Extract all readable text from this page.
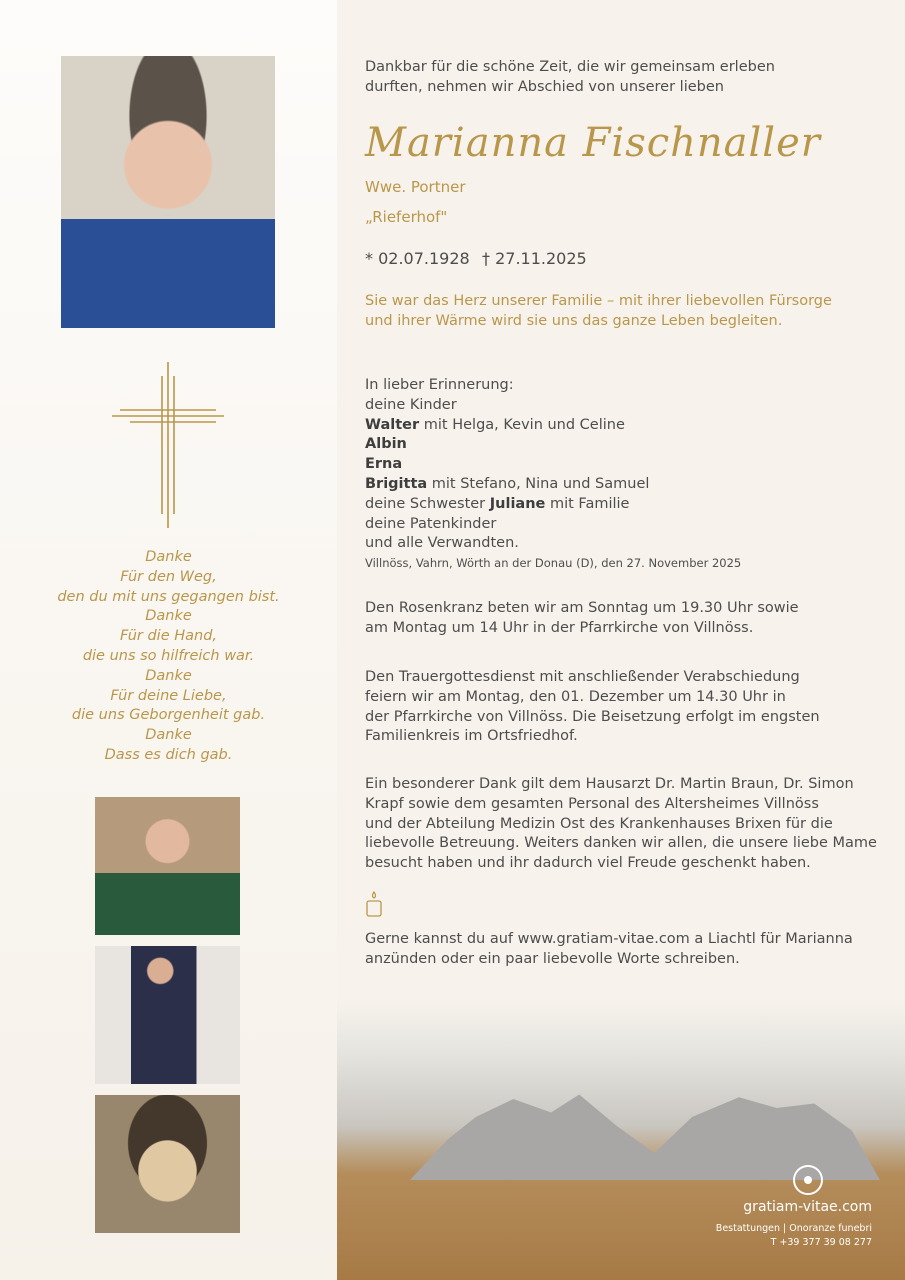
Danke
Für den Weg,
den du mit uns gegangen bist.
Danke
Für die Hand,
die uns so hilfreich war.
Danke
Für deine Liebe,
die uns Geborgenheit gab.
Danke
Dass es dich gab.
Dankbar für die schöne Zeit, die wir gemeinsam erleben
durften, nehmen wir Abschied von unserer lieben
Marianna Fischnaller
Wwe. Portner
„Rieferhof"
* 02.07.1928 † 27.11.2025
Sie war das Herz unserer Familie – mit ihrer liebevollen Fürsorge
und ihrer Wärme wird sie uns das ganze Leben begleiten.
In lieber Erinnerung:
deine Kinder
Walter mit Helga, Kevin und Celine
Albin
Erna
Brigitta mit Stefano, Nina und Samuel
deine Schwester Juliane mit Familie
deine Patenkinder
und alle Verwandten.
Villnöss, Vahrn, Wörth an der Donau (D), den 27. November 2025
Den Rosenkranz beten wir am Sonntag um 19.30 Uhr sowie
am Montag um 14 Uhr in der Pfarrkirche von Villnöss.
Den Trauergottesdienst mit anschließender Verabschiedung
feiern wir am Montag, den 01. Dezember um 14.30 Uhr in
der Pfarrkirche von Villnöss. Die Beisetzung erfolgt im engsten
Familienkreis im Ortsfriedhof.
Ein besonderer Dank gilt dem Hausarzt Dr. Martin Braun, Dr. Simon
Krapf sowie dem gesamten Personal des Altersheimes Villnöss
und der Abteilung Medizin Ost des Krankenhauses Brixen für die
liebevolle Betreuung. Weiters danken wir allen, die unsere liebe Mame
besucht haben und ihr dadurch viel Freude geschenkt haben.
Gerne kannst du auf www.gratiam-vitae.com a Liachtl für Marianna
anzünden oder ein paar liebevolle Worte schreiben.
gratiam-vitae.com
Bestattungen | Onoranze funebri
T +39 377 39 08 277
